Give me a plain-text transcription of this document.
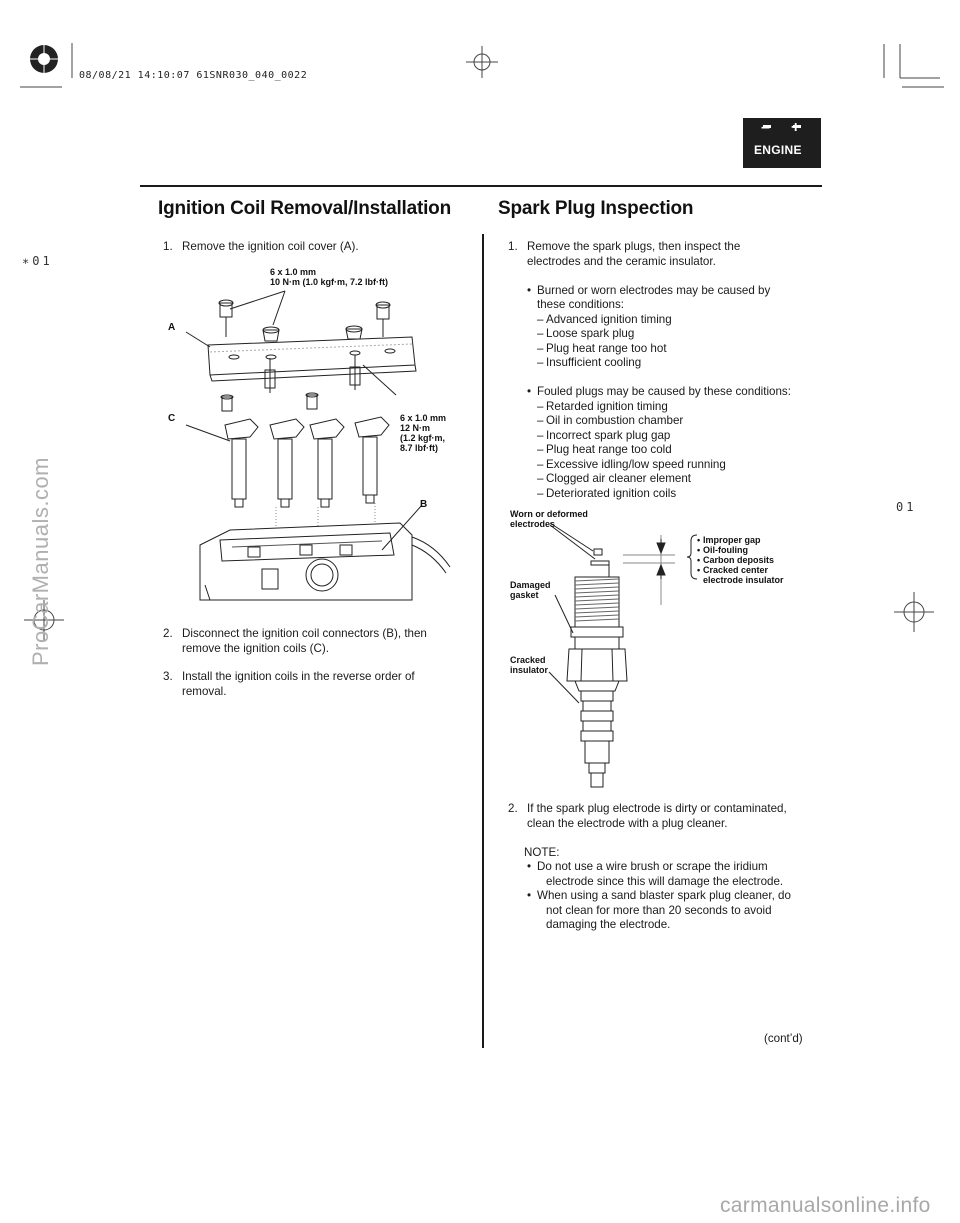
08/08/21 14:10:07 61SNR030_040_0022
– +
ENGINE
Ignition Coil Removal/Installation Spark Plug Inspection
∗01
01
1. Remove the ignition coil cover (A).
6 x 1.0 mm
10 N·m (1.0 kgf·m, 7.2 lbf·ft)
6 x 1.0 mm
12 N·m
(1.2 kgf·m,
8.7 lbf·ft)
A
C
B
2. Disconnect the ignition coil connectors (B), then
remove the ignition coils (C).
3. Install the ignition coils in the reverse order of
removal.
1. Remove the spark plugs, then inspect the
electrodes and the ceramic insulator.
• Burned or worn electrodes may be caused by
these conditions:
– Advanced ignition timing
– Loose spark plug
– Plug heat range too hot
– Insufficient cooling
• Fouled plugs may be caused by these conditions:
– Retarded ignition timing
– Oil in combustion chamber
– Incorrect spark plug gap
– Plug heat range too cold
– Excessive idling/low speed running
– Clogged air cleaner element
– Deteriorated ignition coils
Worn or deformed
electrodes
Damaged
gasket
Cracked
insulator
• Improper gap
• Oil-fouling
• Carbon deposits
• Cracked center
electrode insulator
2. If the spark plug electrode is dirty or contaminated,
clean the electrode with a plug cleaner.
NOTE:
• Do not use a wire brush or scrape the iridium
electrode since this will damage the electrode.
• When using a sand blaster spark plug cleaner, do
not clean for more than 20 seconds to avoid
damaging the electrode.
(cont’d)
ProCarManuals.com
carmanualsonline.info
